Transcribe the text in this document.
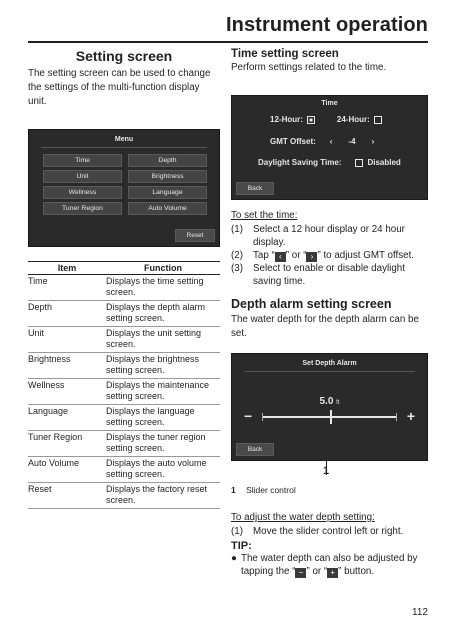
Instrument operation
Setting screen
The setting screen can be used to change the settings of the multi-function display unit.
Menu
Time	Depth
Unit	Brightness
Wellness	Language
Tuner Region	Auto Volume
Reset
Item	Function
Time	Displays the time setting screen.
Depth	Displays the depth alarm setting screen.
Unit	Displays the unit setting screen.
Brightness	Displays the brightness setting screen.
Wellness	Displays the maintenance setting screen.
Language	Displays the language setting screen.
Tuner Region	Displays the tuner region setting screen.
Auto Volume	Displays the auto volume setting screen.
Reset	Displays the factory reset screen.
Time setting screen
Perform settings related to the time.
Time
12-Hour:	24-Hour:
GMT Offset: ‹ -4 ›
Daylight Saving Time:	Disabled
Back
To set the time:
(1)	Select a 12 hour display or 24 hour display.
(2)	Tap “ ‹ ” or “ › ” to adjust GMT offset.
(3)	Select to enable or disable daylight saving time.
Depth alarm setting screen
The water depth for the depth alarm can be set.
Set Depth Alarm
5.0 ft
−	+
Back
1
1 Slider control
To adjust the water depth setting:
(1)	Move the slider control left or right.
TIP:
● The water depth can also be adjusted by tapping the “ − ” or “ + ” button.
112
